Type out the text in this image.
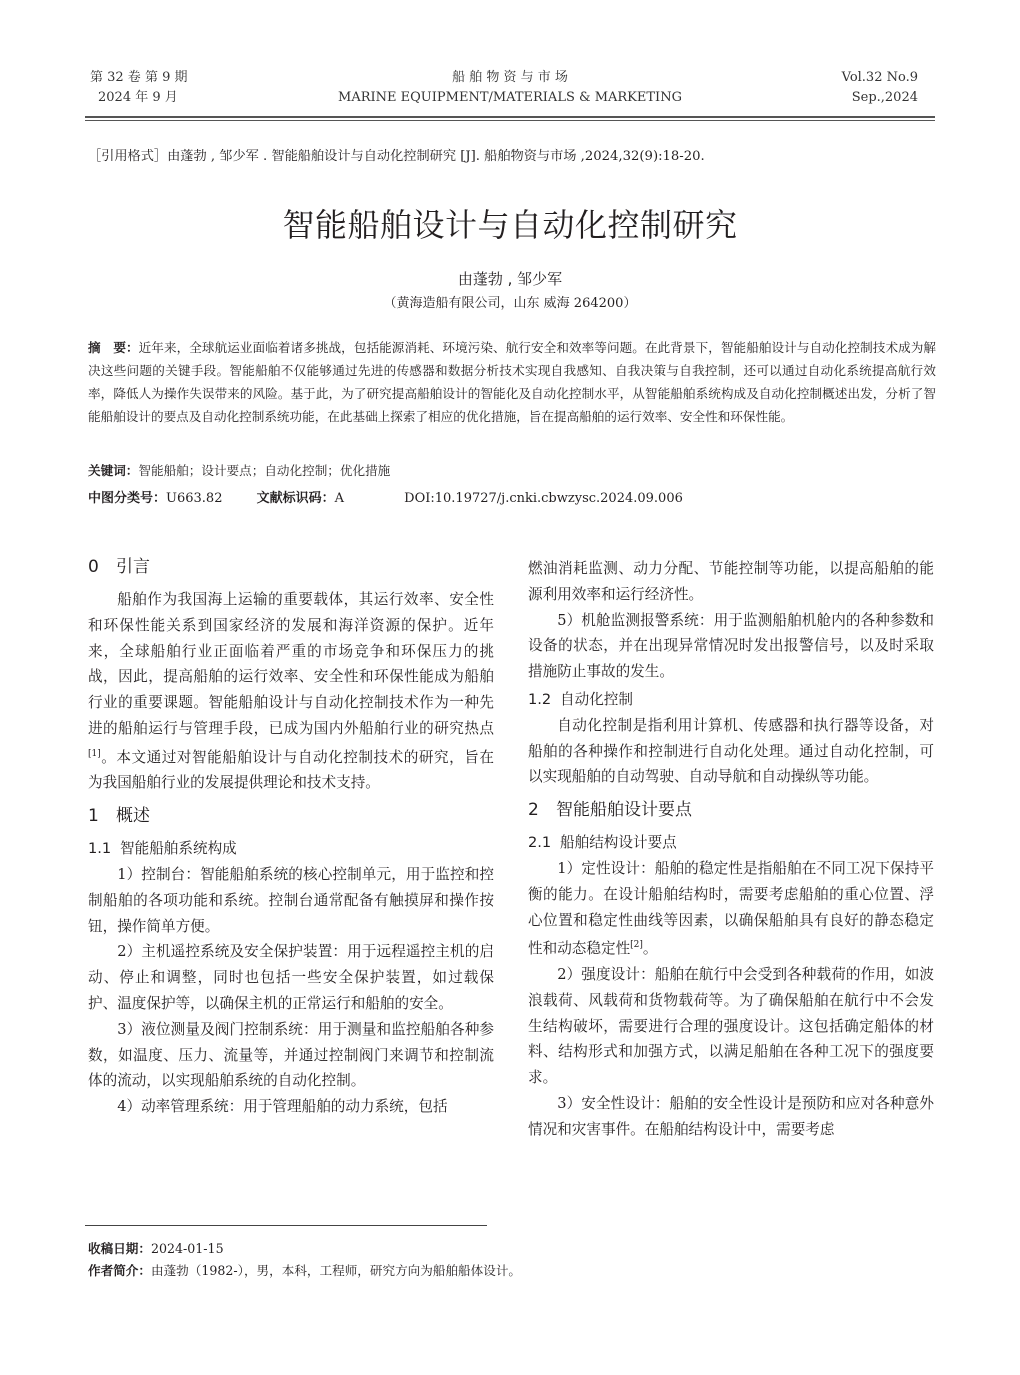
第 32 卷 第 9 期
2024 年 9 月
船 舶 物 资 与 市 场
MARINE EQUIPMENT/MATERIALS & MARKETING
Vol.32 No.9
Sep.,2024
［引用格式］由蓬勃 , 邹少军 . 智能船舶设计与自动化控制研究 [J]. 船舶物资与市场 ,2024,32(9):18-20.
智能船舶设计与自动化控制研究
由蓬勃 , 邹少军
（黄海造船有限公司，山东 威海 264200）
摘　要：近年来，全球航运业面临着诸多挑战，包括能源消耗、环境污染、航行安全和效率等问题。在此背景下，智能船舶设计与自动化控制技术成为解决这些问题的关键手段。智能船舶不仅能够通过先进的传感器和数据分析技术实现自我感知、自我决策与自我控制，还可以通过自动化系统提高航行效率，降低人为操作失误带来的风险。基于此，为了研究提高船舶设计的智能化及自动化控制水平，从智能船舶系统构成及自动化控制概述出发，分析了智能船舶设计的要点及自动化控制系统功能，在此基础上探索了相应的优化措施，旨在提高船舶的运行效率、安全性和环保性能。
关键词：智能船舶；设计要点；自动化控制；优化措施
中图分类号：U663.82	文献标识码：A	DOI:10.19727/j.cnki.cbwzysc.2024.09.006
0 引言

船舶作为我国海上运输的重要载体，其运行效率、安全性和环保性能关系到国家经济的发展和海洋资源的保护。近年来，全球船舶行业正面临着严重的市场竞争和环保压力的挑战，因此，提高船舶的运行效率、安全性和环保性能成为船舶行业的重要课题。智能船舶设计与自动化控制技术作为一种先进的船舶运行与管理手段，已成为国内外船舶行业的研究热点[1]。本文通过对智能船舶设计与自动化控制技术的研究，旨在为我国船舶行业的发展提供理论和技术支持。

1 概述
1.1 智能船舶系统构成

1）控制台：智能船舶系统的核心控制单元，用于监控和控制船舶的各项功能和系统。控制台通常配备有触摸屏和操作按钮，操作简单方便。

2）主机遥控系统及安全保护装置：用于远程遥控主机的启动、停止和调整，同时也包括一些安全保护装置，如过载保护、温度保护等，以确保主机的正常运行和船舶的安全。

3）液位测量及阀门控制系统：用于测量和监控船舶各种参数，如温度、压力、流量等，并通过控制阀门来调节和控制流体的流动，以实现船舶系统的自动化控制。

4）动率管理系统：用于管理船舶的动力系统，包括

燃油消耗监测、动力分配、节能控制等功能，以提高船舶的能源利用效率和运行经济性。

5）机舱监测报警系统：用于监测船舶机舱内的各种参数和设备的状态，并在出现异常情况时发出报警信号，以及时采取措施防止事故的发生。

1.2 自动化控制

自动化控制是指利用计算机、传感器和执行器等设备，对船舶的各种操作和控制进行自动化处理。通过自动化控制，可以实现船舶的自动驾驶、自动导航和自动操纵等功能。

2 智能船舶设计要点
2.1 船舶结构设计要点

1）定性设计：船舶的稳定性是指船舶在不同工况下保持平衡的能力。在设计船舶结构时，需要考虑船舶的重心位置、浮心位置和稳定性曲线等因素，以确保船舶具有良好的静态稳定性和动态稳定性[2]。

2）强度设计：船舶在航行中会受到各种载荷的作用，如波浪载荷、风载荷和货物载荷等。为了确保船舶在航行中不会发生结构破坏，需要进行合理的强度设计。这包括确定船体的材料、结构形式和加强方式，以满足船舶在各种工况下的强度要求。

3）安全性设计：船舶的安全性设计是预防和应对各种意外情况和灾害事件。在船舶结构设计中，需要考虑

收稿日期：2024-01-15
作者简介：由蓬勃（1982-），男，本科，工程师，研究方向为船舶船体设计。
